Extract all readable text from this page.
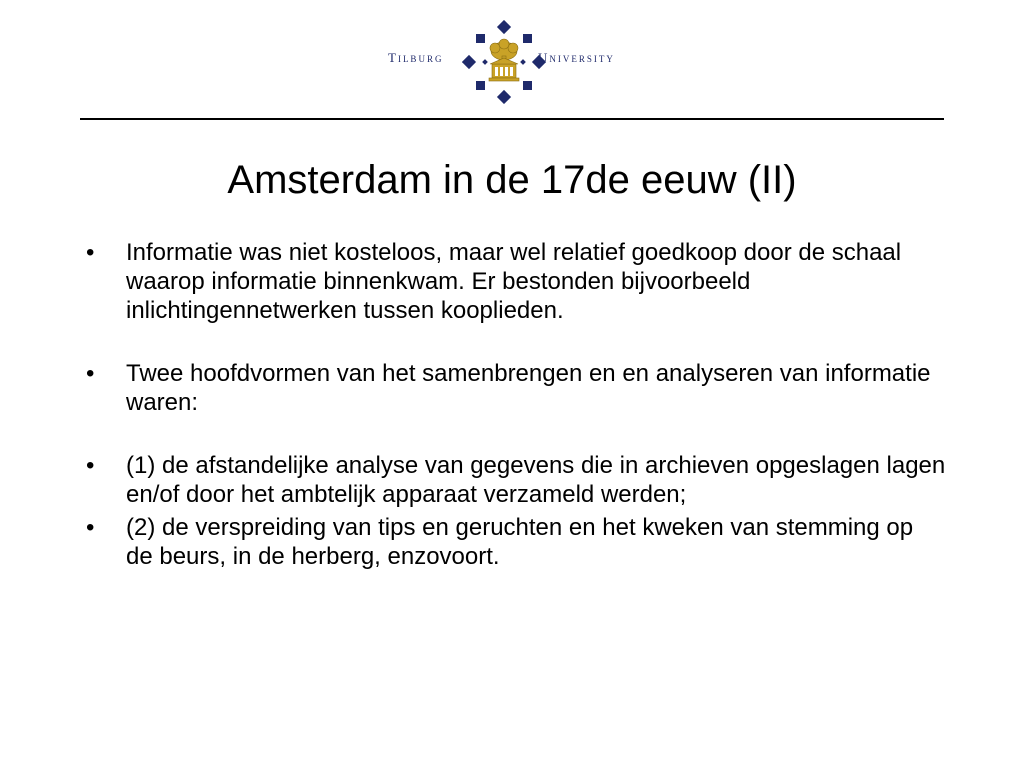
Tilburg	University
Amsterdam in de 17de eeuw (II)
• Informatie was niet kosteloos, maar wel relatief goedkoop door de schaal waarop informatie binnenkwam. Er bestonden bijvoorbeeld inlichtingennetwerken tussen kooplieden.
• Twee hoofdvormen van het samenbrengen en en analyseren van informatie waren:
• (1) de afstandelijke analyse van gegevens die in archieven opgeslagen lagen en/of door het ambtelijk apparaat verzameld werden;
• (2) de verspreiding van tips en geruchten en het kweken van stemming op de beurs, in de herberg, enzovoort.
